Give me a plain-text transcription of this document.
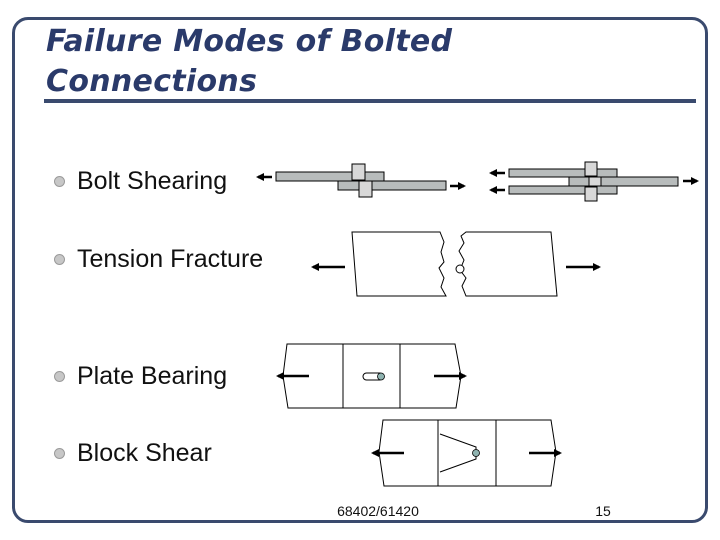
Failure Modes of Bolted
Connections
Bolt Shearing
Tension Fracture
Plate Bearing
Block Shear
68402/61420	15
